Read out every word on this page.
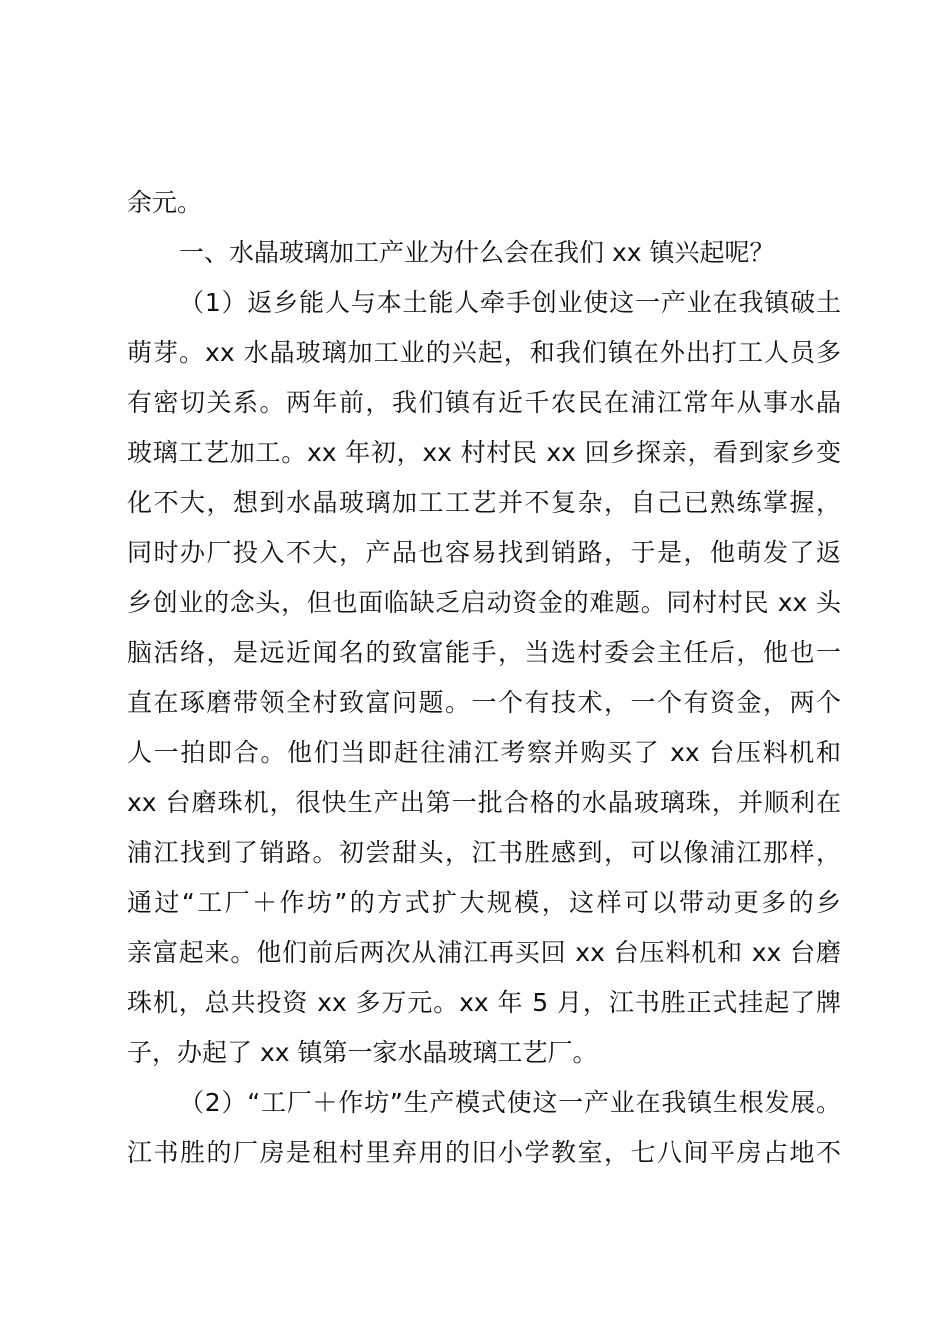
余元。
一、水晶玻璃加工产业为什么会在我们 xx 镇兴起呢？
（1）返乡能人与本土能人牵手创业使这一产业在我镇破土
萌芽。xx 水晶玻璃加工业的兴起，和我们镇在外出打工人员多
有密切关系。两年前，我们镇有近千农民在浦江常年从事水晶
玻璃工艺加工。xx 年初，xx 村村民 xx 回乡探亲，看到家乡变
化不大，想到水晶玻璃加工工艺并不复杂，自己已熟练掌握，
同时办厂投入不大，产品也容易找到销路，于是，他萌发了返
乡创业的念头，但也面临缺乏启动资金的难题。同村村民 xx 头
脑活络，是远近闻名的致富能手，当选村委会主任后，他也一
直在琢磨带领全村致富问题。一个有技术，一个有资金，两个
人一拍即合。他们当即赶往浦江考察并购买了 xx 台压料机和
xx 台磨珠机，很快生产出第一批合格的水晶玻璃珠，并顺利在
浦江找到了销路。初尝甜头，江书胜感到，可以像浦江那样，
通过“工厂＋作坊”的方式扩大规模，这样可以带动更多的乡
亲富起来。他们前后两次从浦江再买回 xx 台压料机和 xx 台磨
珠机，总共投资 xx 多万元。xx 年 5 月，江书胜正式挂起了牌
子，办起了 xx 镇第一家水晶玻璃工艺厂。
（2）“工厂＋作坊”生产模式使这一产业在我镇生根发展。
江书胜的厂房是租村里弃用的旧小学教室，七八间平房占地不
